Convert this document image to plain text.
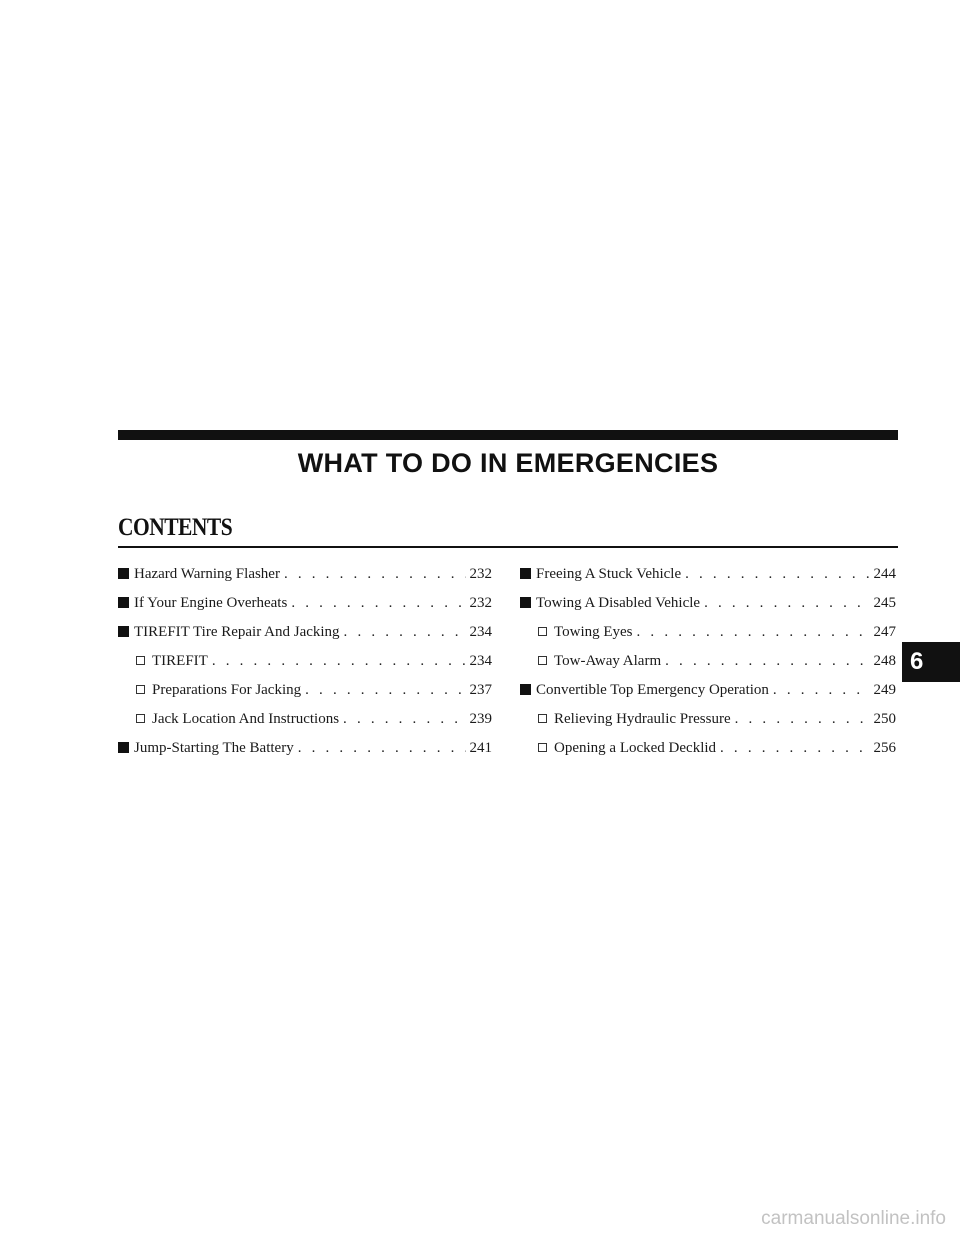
WHAT TO DO IN EMERGENCIES
CONTENTS
Hazard Warning Flasher . . .	232
If Your Engine Overheats . . .	232
TIREFIT Tire Repair And Jacking . . .	234
TIREFIT . . .	234
Preparations For Jacking . . .	237
Jack Location And Instructions . . .	239
Jump-Starting The Battery . . .	241
Freeing A Stuck Vehicle . . .	244
Towing A Disabled Vehicle . . .	245
Towing Eyes . . .	247
Tow-Away Alarm . . .	248
Convertible Top Emergency Operation . . .	249
Relieving Hydraulic Pressure . . .	250
Opening a Locked Decklid . . .	256
6
carmanualsonline.info
